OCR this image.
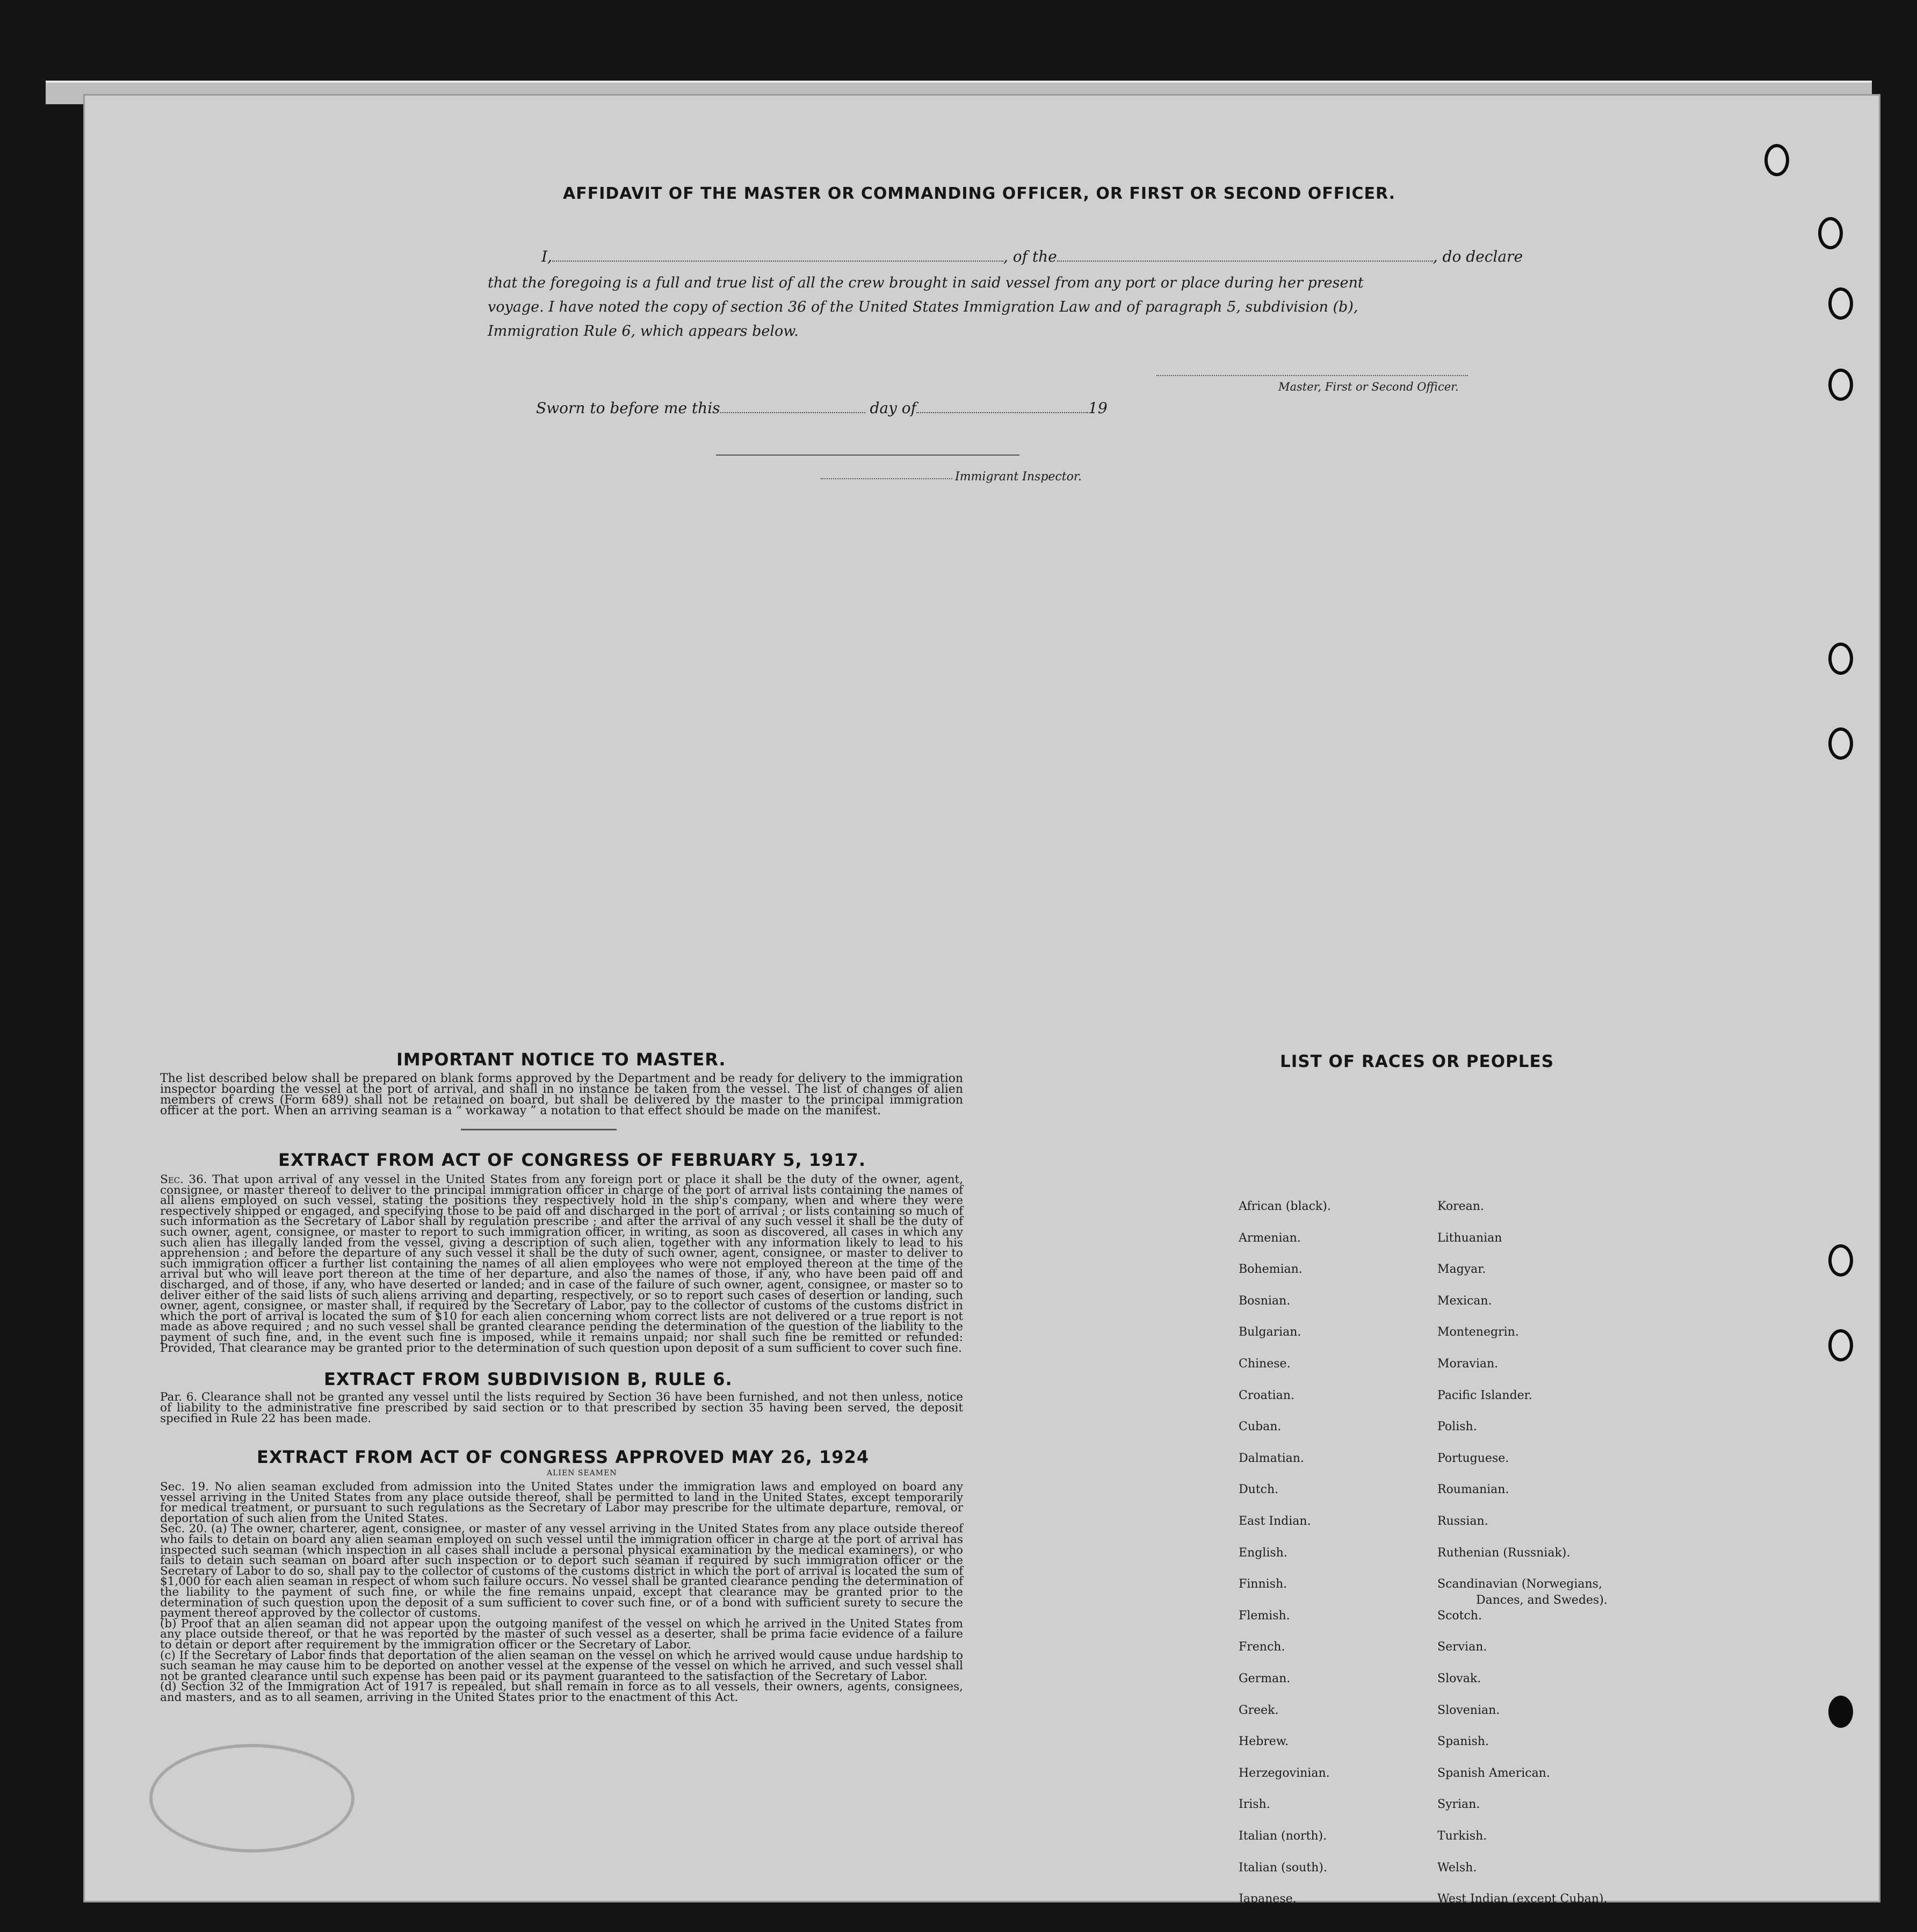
AFFIDAVIT OF THE MASTER OR COMMANDING OFFICER, OR FIRST OR SECOND OFFICER.
I,	, of the	, do declare
that the foregoing is a full and true list of all the crew brought in said vessel from any port or place during her present
voyage. I have noted the copy of section 36 of the United States Immigration Law and of paragraph 5, subdivision (b),
Immigration Rule 6, which appears below.
Master, First or Second Officer.
Sworn to before me this	day of	19
Immigrant Inspector.
IMPORTANT NOTICE TO MASTER.
The list described below shall be prepared on blank forms approved by the Department and be ready for delivery to the immigration inspector boarding the vessel at the port of arrival, and shall in no instance be taken from the vessel. The list of changes of alien members of crews (Form 689) shall not be retained on board, but shall be delivered by the master to the principal immigration officer at the port. When an arriving seaman is a “ workaway ” a notation to that effect should be made on the manifest.
EXTRACT FROM ACT OF CONGRESS OF FEBRUARY 5, 1917.
Sec. 36. That upon arrival of any vessel in the United States from any foreign port or place it shall be the duty of the owner, agent, consignee, or master thereof to deliver to the principal immigration officer in charge of the port of arrival lists containing the names of all aliens employed on such vessel, stating the positions they respectively hold in the ship's company, when and where they were respectively shipped or engaged, and specifying those to be paid off and discharged in the port of arrival ; or lists containing so much of such information as the Secretary of Labor shall by regulation prescribe ; and after the arrival of any such vessel it shall be the duty of such owner, agent, consignee, or master to report to such immigration officer, in writing, as soon as discovered, all cases in which any such alien has illegally landed from the vessel, giving a description of such alien, together with any information likely to lead to his apprehension ; and before the departure of any such vessel it shall be the duty of such owner, agent, consignee, or master to deliver to such immigration officer a further list containing the names of all alien employees who were not employed thereon at the time of the arrival but who will leave port thereon at the time of her departure, and also the names of those, if any, who have been paid off and discharged, and of those, if any, who have deserted or landed; and in case of the failure of such owner, agent, consignee, or master so to deliver either of the said lists of such aliens arriving and departing, respectively, or so to report such cases of desertion or landing, such owner, agent, consignee, or master shall, if required by the Secretary of Labor, pay to the collector of customs of the customs district in which the port of arrival is located the sum of $10 for each alien concerning whom correct lists are not delivered or a true report is not made as above required ; and no such vessel shall be granted clearance pending the determination of the question of the liability to the payment of such fine, and, in the event such fine is imposed, while it remains unpaid; nor shall such fine be remitted or refunded: Provided, That clearance may be granted prior to the determination of such question upon deposit of a sum sufficient to cover such fine.
EXTRACT FROM SUBDIVISION B, RULE 6.
Par. 6. Clearance shall not be granted any vessel until the lists required by Section 36 have been furnished, and not then unless, notice of liability to the administrative fine prescribed by said section or to that prescribed by section 35 having been served, the deposit specified in Rule 22 has been made.
EXTRACT FROM ACT OF CONGRESS APPROVED MAY 26, 1924
ALIEN SEAMEN
Sec. 19. No alien seaman excluded from admission into the United States under the immigration laws and employed on board any vessel arriving in the United States from any place outside thereof, shall be permitted to land in the United States, except temporarily for medical treatment, or pursuant to such regulations as the Secretary of Labor may prescribe for the ultimate departure, removal, or deportation of such alien from the United States.
Sec. 20. (a) The owner, charterer, agent, consignee, or master of any vessel arriving in the United States from any place outside thereof who fails to detain on board any alien seaman employed on such vessel until the immigration officer in charge at the port of arrival has inspected such seaman (which inspection in all cases shall include a personal physical examination by the medical examiners), or who fails to detain such seaman on board after such inspection or to deport such seaman if required by such immigration officer or the Secretary of Labor to do so, shall pay to the collector of customs of the customs district in which the port of arrival is located the sum of $1,000 for each alien seaman in respect of whom such failure occurs. No vessel shall be granted clearance pending the determination of the liability to the payment of such fine, or while the fine remains unpaid, except that clearance may be granted prior to the determination of such question upon the deposit of a sum sufficient to cover such fine, or of a bond with sufficient surety to secure the payment thereof approved by the collector of customs.
(b) Proof that an alien seaman did not appear upon the outgoing manifest of the vessel on which he arrived in the United States from any place outside thereof, or that he was reported by the master of such vessel as a deserter, shall be prima facie evidence of a failure to detain or deport after requirement by the immigration officer or the Secretary of Labor.
(c) If the Secretary of Labor finds that deportation of the alien seaman on the vessel on which he arrived would cause undue hardship to such seaman he may cause him to be deported on another vessel at the expense of the vessel on which he arrived, and such vessel shall not be granted clearance until such expense has been paid or its payment guaranteed to the satisfaction of the Secretary of Labor.
(d) Section 32 of the Immigration Act of 1917 is repealed, but shall remain in force as to all vessels, their owners, agents, consignees, and masters, and as to all seamen, arriving in the United States prior to the enactment of this Act.
LIST OF RACES OR PEOPLES
African (black).
Armenian.
Bohemian.
Bosnian.
Bulgarian.
Chinese.
Croatian.
Cuban.
Dalmatian.
Dutch.
East Indian.
English.
Finnish.
Flemish.
French.
German.
Greek.
Hebrew.
Herzegovinian.
Irish.
Italian (north).
Italian (south).
Japanese.
Korean.
Lithuanian
Magyar.
Mexican.
Montenegrin.
Moravian.
Pacific Islander.
Polish.
Portuguese.
Roumanian.
Russian.
Ruthenian (Russniak).
Scandinavian (Norwegians,
Dances, and Swedes).
Scotch.
Servian.
Slovak.
Slovenian.
Spanish.
Spanish American.
Syrian.
Turkish.
Welsh.
West Indian (except Cuban).
